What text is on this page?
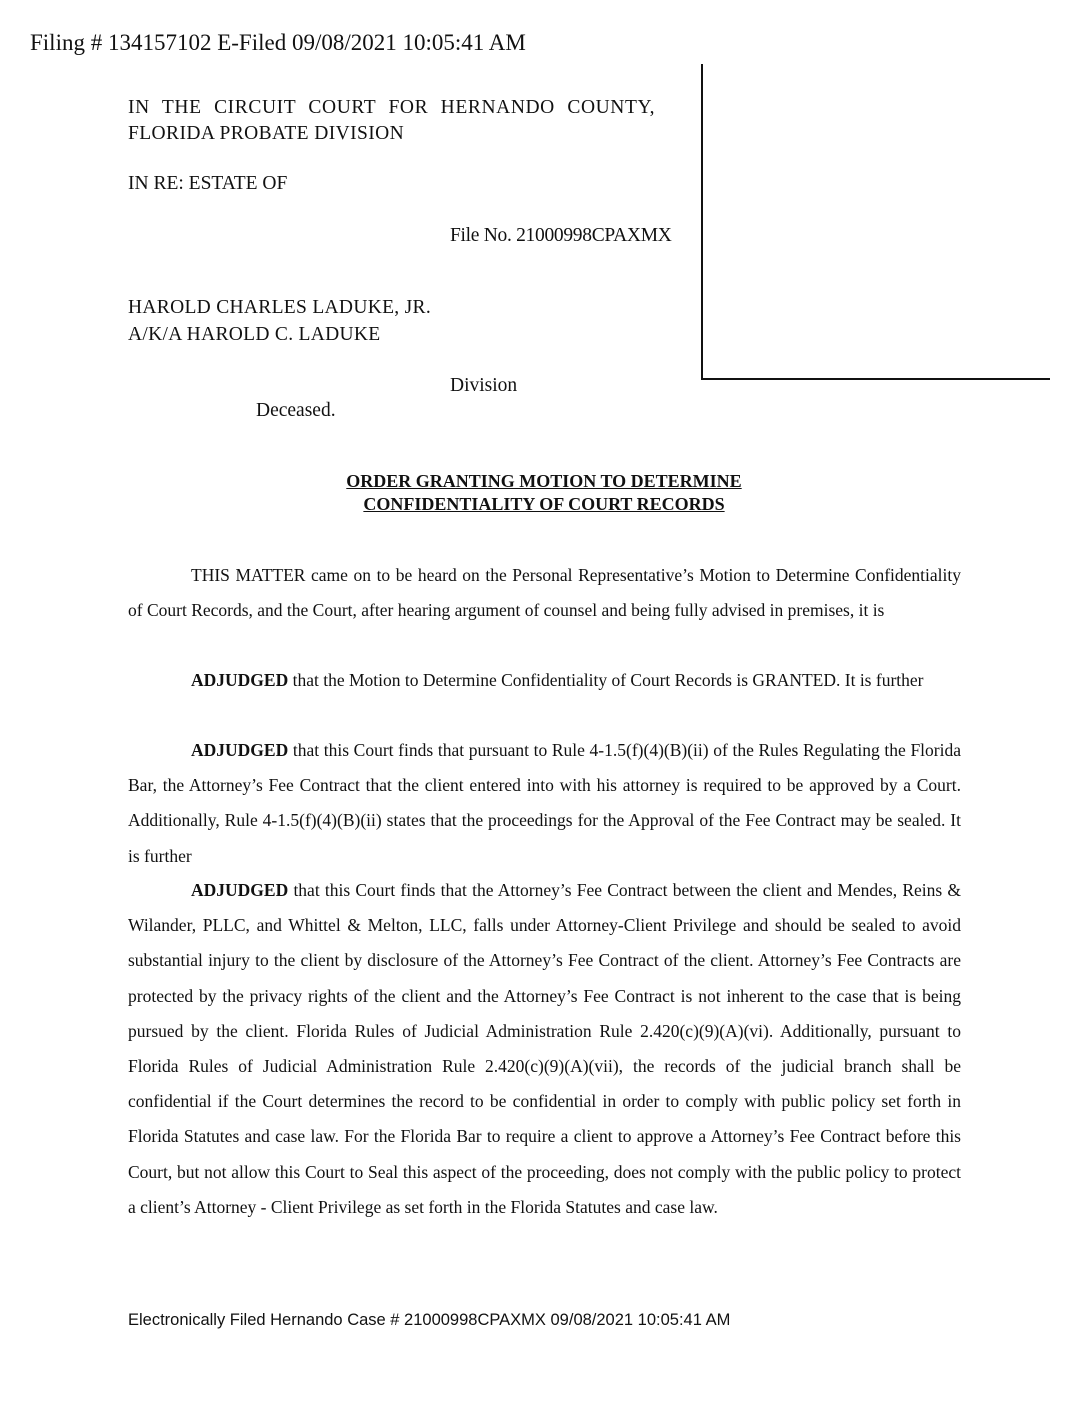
Filing # 134157102 E-Filed 09/08/2021 10:05:41 AM
IN THE CIRCUIT COURT FOR HERNANDO COUNTY,
FLORIDA PROBATE DIVISION
IN RE: ESTATE OF
File No. 21000998CPAXMX
HAROLD CHARLES LADUKE, JR.
A/K/A HAROLD C. LADUKE
Division
Deceased.
ORDER GRANTING MOTION TO DETERMINE
CONFIDENTIALITY OF COURT RECORDS
THIS MATTER came on to be heard on the Personal Representative’s Motion to Determine Confidentiality of Court Records, and the Court, after hearing argument of counsel and being fully advised in premises, it is
ADJUDGED that the Motion to Determine Confidentiality of Court Records is GRANTED. It is further
ADJUDGED that this Court finds that pursuant to Rule 4-1.5(f)(4)(B)(ii) of the Rules Regulating the Florida Bar, the Attorney’s Fee Contract that the client entered into with his attorney is required to be approved by a Court. Additionally, Rule 4-1.5(f)(4)(B)(ii) states that the proceedings for the Approval of the Fee Contract may be sealed. It is further
ADJUDGED that this Court finds that the Attorney’s Fee Contract between the client and Mendes, Reins & Wilander, PLLC, and Whittel & Melton, LLC, falls under Attorney-Client Privilege and should be sealed to avoid substantial injury to the client by disclosure of the Attorney’s Fee Contract of the client. Attorney’s Fee Contracts are protected by the privacy rights of the client and the Attorney’s Fee Contract is not inherent to the case that is being pursued by the client. Florida Rules of Judicial Administration Rule 2.420(c)(9)(A)(vi). Additionally, pursuant to Florida Rules of Judicial Administration Rule 2.420(c)(9)(A)(vii), the records of the judicial branch shall be confidential if the Court determines the record to be confidential in order to comply with public policy set forth in Florida Statutes and case law. For the Florida Bar to require a client to approve a Attorney’s Fee Contract before this Court, but not allow this Court to Seal this aspect of the proceeding, does not comply with the public policy to protect a client’s Attorney - Client Privilege as set forth in the Florida Statutes and case law.
Electronically Filed Hernando Case # 21000998CPAXMX 09/08/2021 10:05:41 AM
